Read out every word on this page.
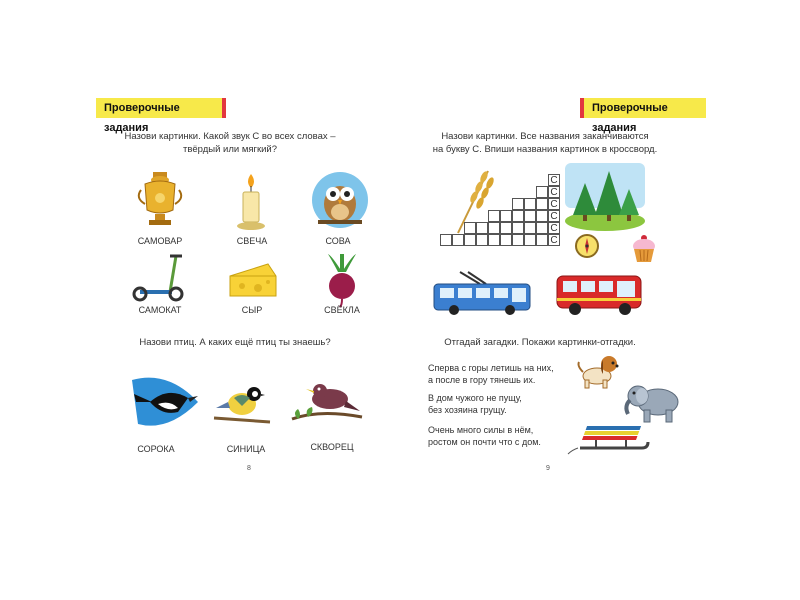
Проверочные задания
Назови картинки. Какой звук С во всех словах –
твёрдый или мягкий?
САМОВАР	СВЕЧА	СОВА
САМОКАТ	СЫР	СВЁКЛА
Назови птиц. А каких ещё птиц ты знаешь?
СОРОКА	СИНИЦА	СКВОРЕЦ
8
Проверочные задания
Назови картинки. Все названия заканчиваются
на букву С. Впиши названия картинок в кроссворд.
С
С
С
С
С
С
Отгадай загадки. Покажи картинки-отгадки.
Сперва с горы летишь на них,
а после в гору тянешь их.
В дом чужого не пущу,
без хозяина грущу.
Очень много силы в нём,
ростом он почти что с дом.
9
